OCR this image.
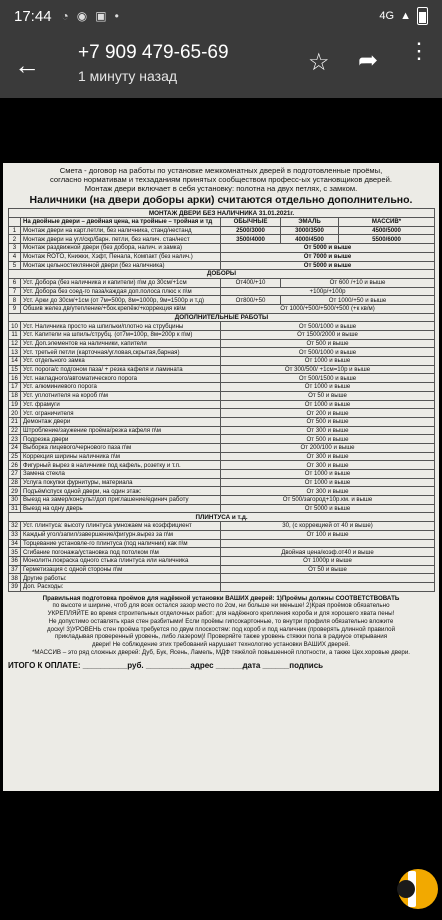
17:44 ◔ ◉ ▣ •	4G ▲
← +7 909 479-65-69
1 минуту назад	☆ ➦ ⋮
Смета - договор на работы по установке межкомнатных дверей в подготовленные проёмы,
согласно нормативам и техзаданиям принятых сообществом професс-ых установщиков дверей.
Монтаж двери включает в себя установку: полотна на двух петлях, с замком.
Наличники (на двери доборы арки) считаются отдельно дополнительно.
МОНТАЖ ДВЕРИ БЕЗ НАЛИЧНИКА 31.01.2021г.				
	На двойные двери – двойная цена, на тройные – тройная и тд	ОБЫЧНЫЕ	ЭМАЛЬ	МАССИВ*
1	Монтаж двери на карт.петли, без наличника, станд/нестанд	2500/3000	3000/3500	4500/5000
2	Монтаж двери на угл/скр/барн. петли, без налич. стан/нест	3500/4000	4000/4500	5500/6000
3	Монтаж раздвижной двери (без добора, налич. и замка)	От 5000 и выше		
4	Монтаж ROTO, Книжки, Хэфт, Пенала, Компакт (без налич.)	От 7000 и выше		
5	Монтаж цельностеклянной двери (без наличника)	От 5000 и выше		
ДОБОРЫ				
6	Уст. Добора (без наличника и капители) п\м до 30см/+1см	От400/+10	От 600 /+10 и выше	
7	Уст. Добора без соед-го паза/каждая доп.полоса плюс к п\м	+100р/+100р		
8	Уст. Арки до 30см/+1см (от 7м=500р, 8м=1000р, 9м=1500р и т.д)	От800/+50	От 1000/+50 и выше	
9	Обшив желез.дв/утепление/+бок.крепёж/+коррекция кв\м	От 1000/+500/+500/+500 (+к кв/м)		
ДОПОЛНИТЕЛЬНЫЕ РАБОТЫ				
10	Уст. Наличника просто на шпильки/плотно на струбцины	От 500/1000 и выше		
11	Уст. Капители на шпиль/струбц. (от7м=100р, 8м=200р к п\м)	От 1500/2000 и выше		
12	Уст. Доп.элементов на наличники, капители	От 500 и выше		
13	Уст. третьей петли (карточная/угловая,скрытая,барная)	От 500/1000 и выше		
14	Уст. отдельного замка	От 1000 и выше		
15	Уст. порога/с подгоном паза/ + резка кафеля и ламината	От 300/500/ +1см=10р и выше		
16	Уст. накладного/автоматического порога	От 500/1500 и выше		
17	Уст. алюминиевого порога	От 1000 и выше		
18	Уст. уплотнителя на короб п\м	От 50 и выше		
19	Уст. фрамуги	От 1000 и выше		
20	Уст. ограничителя	От 200 и выше		
21	Демонтаж двери	От 500 и выше		
22	Штробление/заужение проёма/резка кафеля п\м	От 300 и выше		
23	Подрезка двери	От 500 и выше		
24	Выборка лицевого/чернового паза п\м	От 200/100 и выше		
25	Коррекция ширины наличника п\м	От 300 и выше		
26	Фигурный вырез в наличнике под кафель, розетку и т.п.	От 300 и выше		
27	Замена стекла	От 1000 и выше		
28	Услуга покупки фурнитуры, материала	От 1000 и выше		
29	Подъём\спуск одной двери, на один этаж:	От 300 и выше		
30	Выезд на замер/консульт/доп приглашение/единич работу	От 500/загород+10р.км. и выше		
31	Выезд на одну дверь	От 5000 и выше		
ПЛИНТУСА и т.д.				
32	Уст. плинтуса: высоту плинтуса умножаем на коэффициент	30, (с коррекцией от 40 и выше)		
33	Каждый угол/запил/завершение/фигурн.вырез за п\м	От 100 и выше		
34	Торцевание установле-го плинтуса (под наличник) как п\м			
35	Сгибание погонажа/установка под потолком п\м	Двойная цена/коэф.от40 и выше		
36	Монолитн.покраска одного стыка плинтуса или наличника	От 1000р и выше		
37	Герметизация с одной стороны п\м	От 50 и выше		
38	Другие работы:			
39	Доп. Расходы:			
Правильная подготовка проёмов для надёжной установки ВАШИХ дверей: 1)Проёмы должны СООТВЕТСТВОВАТЬ
по высоте и ширине, чтоб для всех остался зазор место по 2см, ни больше ни меньше! 2)Края проёмов обязательно
УКРЕПЛЯЙТЕ во время строительных отделочных работ: для надёжного крепления короба и для хорошего хвата пены!
Не допустимо оставлять края стен разбитыми! Если проёмы гипсокартонные, то внутри профиля обязательно вложите
доску! 3)УРОВЕНЬ стен проёма требуется по двум плоскостям: под короб и под наличник (проверять длинной правилой
прикладывая проверенный уровень, либо лазером)! Проверяйте также уровень стяжки пола в радиусе открывания
двери! Не соблюдение этих требований нарушает технологию установки ВАШИХ дверей.
*МАССИВ – это ряд сложных дверей: Дуб, Бук, Ясень, Ламель, МДФ тяжёлой повышенной плотности, а также Цех.хоровые двери.
ИТОГО К ОПЛАТЕ: __________руб. __________адрес ______дата ______подпись
